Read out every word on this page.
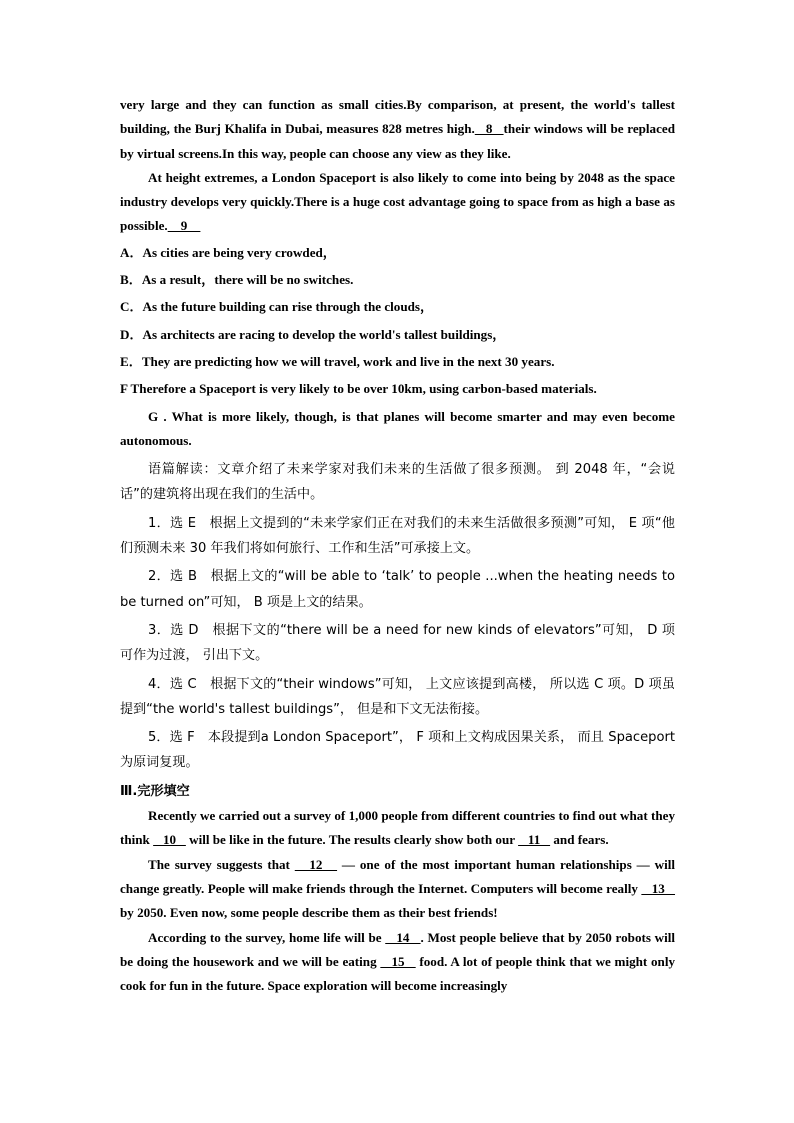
very large and they can function as small cities.By comparison, at present, the world's tallest building, the Burj Khalifa in Dubai, measures 828 metres high.   8   their windows will be replaced by virtual screens.In this way, people can choose any view as they like.

At height extremes, a London Spaceport is also likely to come into being by 2048 as the space industry develops very quickly.There is a huge cost advantage going to space from as high a base as possible.    9

A．As cities are being very crowded，

B．As a result，there will be no switches.

C．As the future building can rise through the clouds，

D．As architects are racing to develop the world's tallest buildings，

E．They are predicting how we will travel, work and live in the next 30 years.

F Therefore a Spaceport is very likely to be over 10km, using carbon-based materials.

G . What is more likely, though, is that planes will become smarter and may even become autonomous.

语篇解读：文章介绍了未来学家对我们未来的生活做了很多预测。 到 2048 年，“会说话”的建筑将出现在我们的生活中。

1．选 E　根据上文提到的“未来学家们正在对我们的未来生活做很多预测”可知， E 项“他们预测未来 30 年我们将如何旅行、工作和生活”可承接上文。

2．选 B　根据上文的“will be able to ‘talk’ to people ...when the heating needs to be turned on”可知， B 项是上文的结果。

3．选 D　根据下文的“there will be a need for new kinds of elevators”可知， D 项可作为过渡， 引出下文。

4．选 C　根据下文的“their windows”可知， 上文应该提到高楼， 所以选 C 项。D 项虽提到“the world's tallest buildings”， 但是和下文无法衔接。

5．选 F　本段提到a London Spaceport”， F 项和上文构成因果关系， 而且 Spaceport 为原词复现。

Ⅲ.完形填空

Recently we carried out a survey of 1,000 people from different countries to find out what they think    10    will be like in the future. The results clearly show both our    11    and fears.

The survey suggests that    12    — one of the most important human relationships — will change greatly. People will make friends through the Internet. Computers will become really    13    by 2050. Even now, some people describe them as their best friends!

According to the survey, home life will be    14   . Most people believe that by 2050 robots will be doing the housework and we will be eating    15    food. A lot of people think that we might only cook for fun in the future. Space exploration will become increasingly
